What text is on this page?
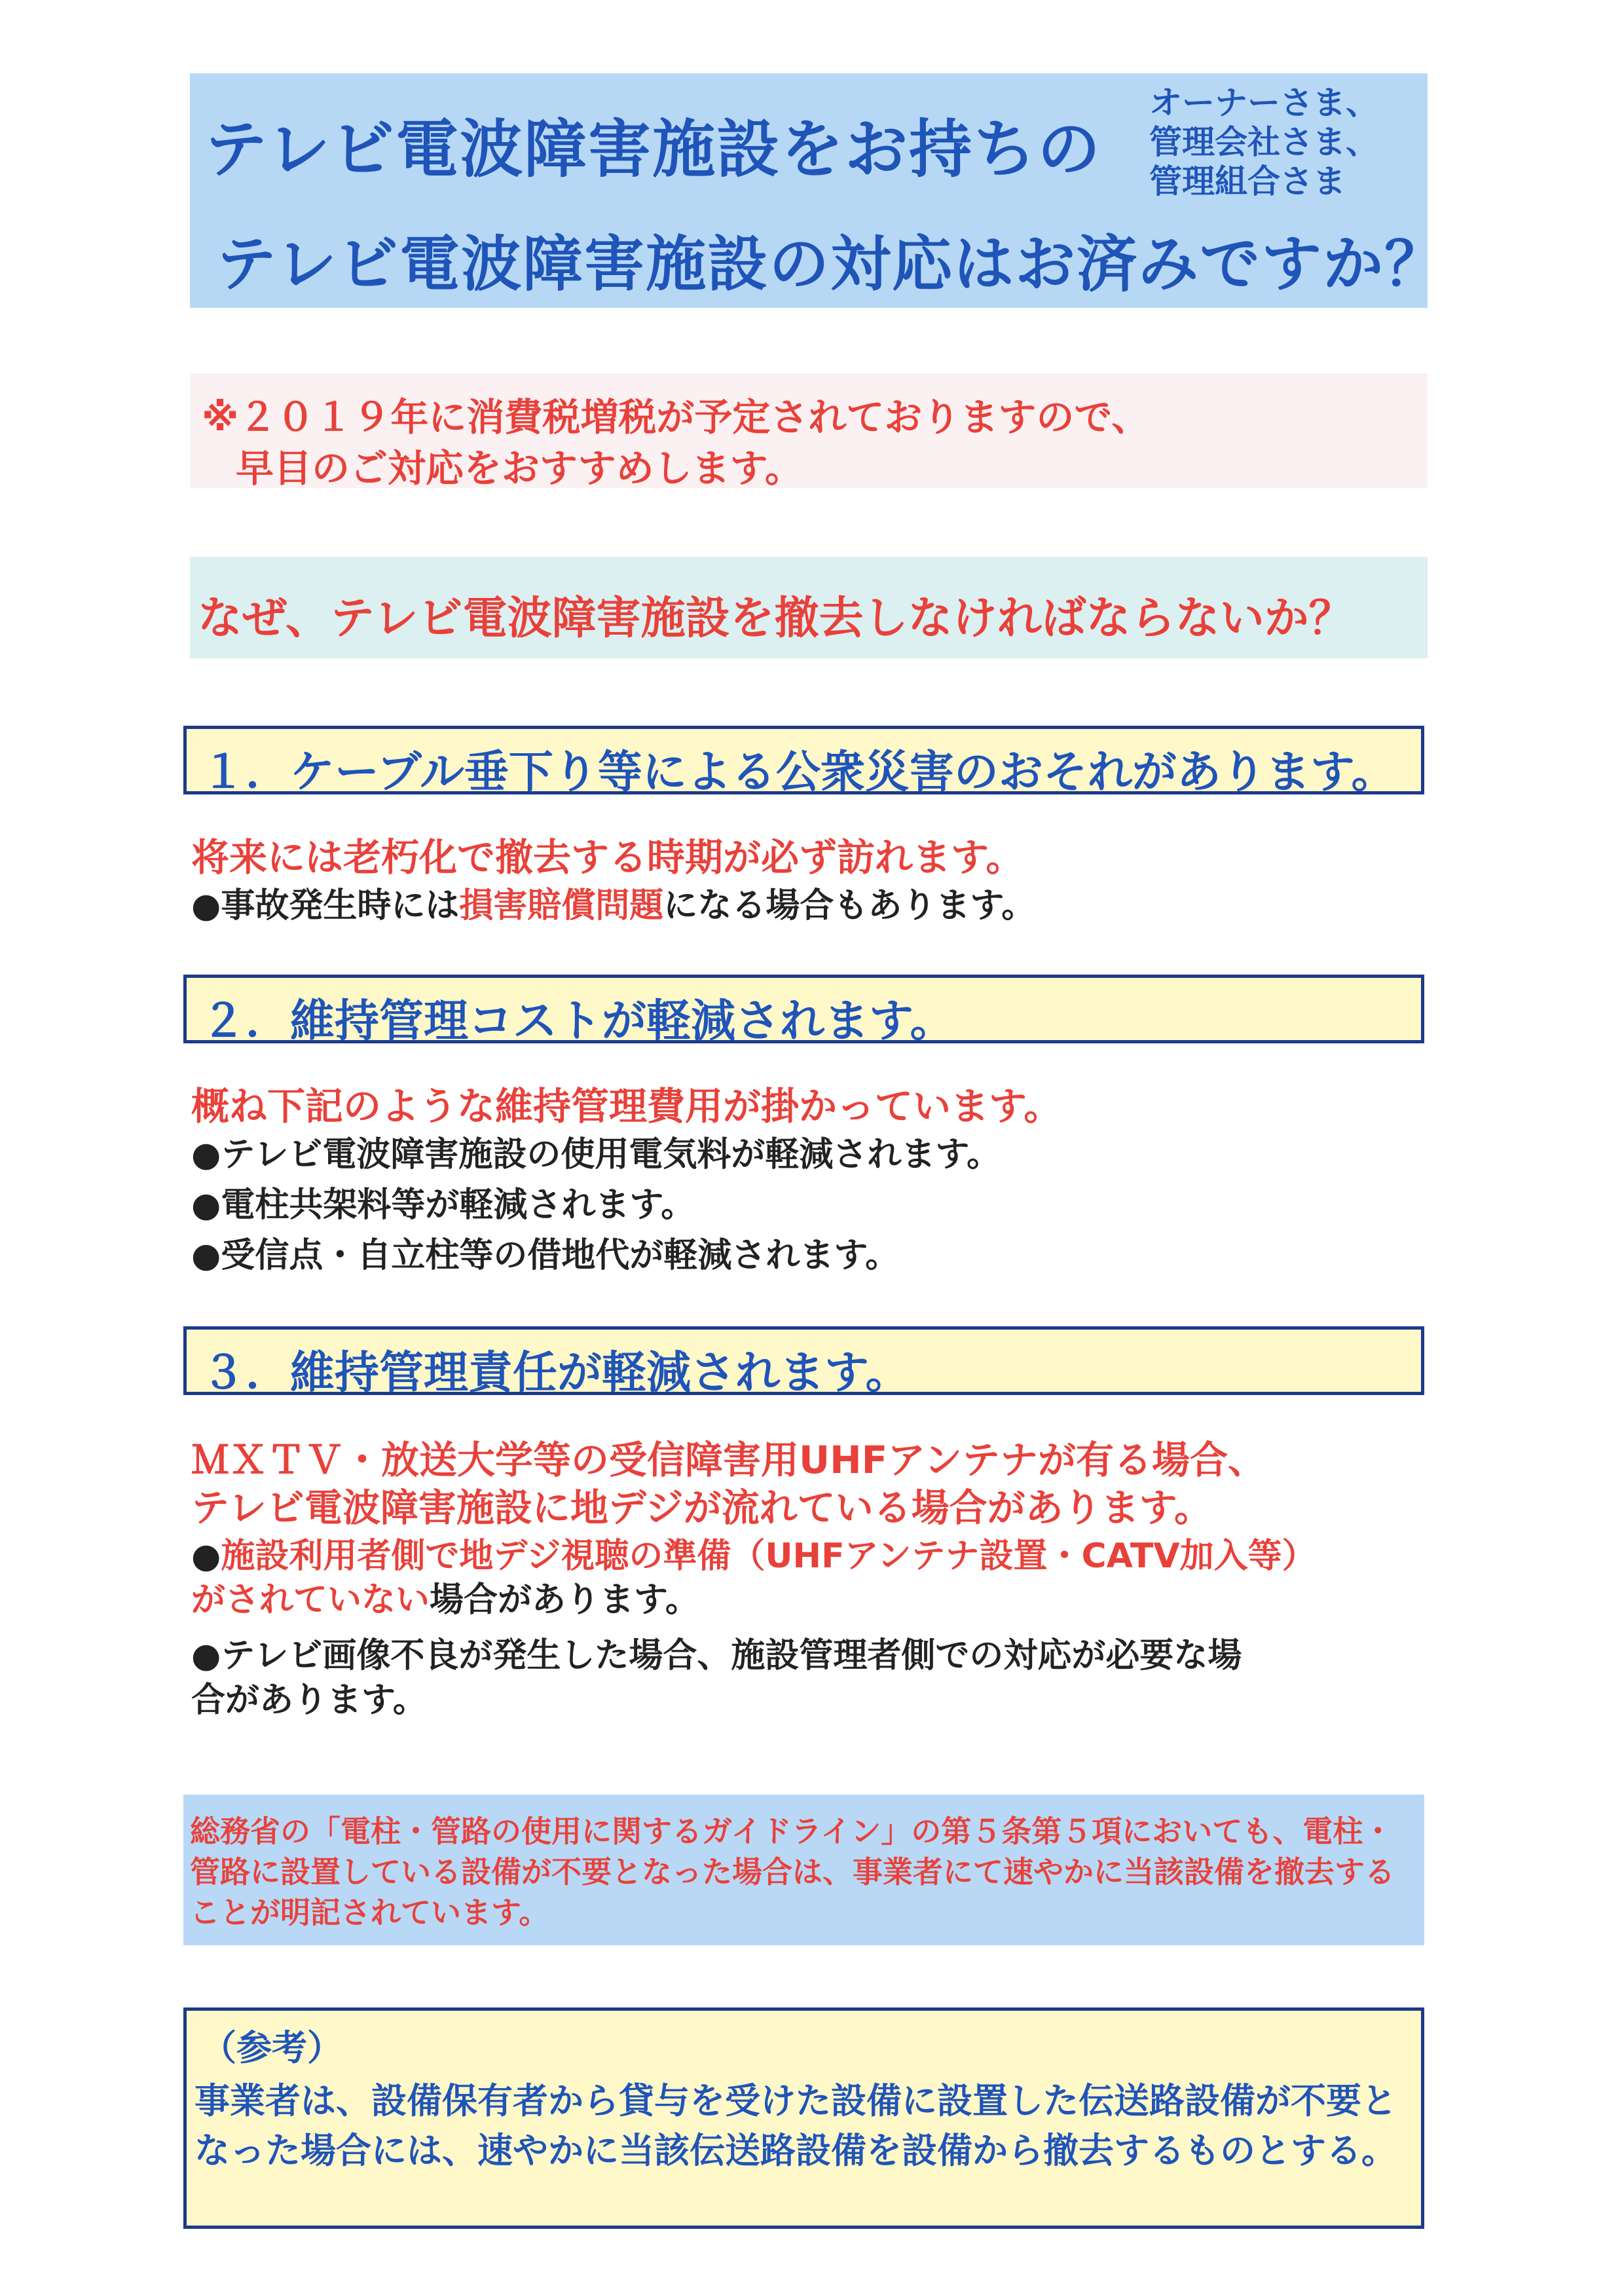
テレビ電波障害施設をお持ちの
オーナーさま、
管理会社さま、
管理組合さま
テレビ電波障害施設の対応はお済みですか？
※２０１９年に消費税増税が予定されておりますので、
早目のご対応をおすすめします。
なぜ、テレビ電波障害施設を撤去しなければならないか？
１．ケーブル垂下り等による公衆災害のおそれがあります。
将来には老朽化で撤去する時期が必ず訪れます。
●事故発生時には損害賠償問題になる場合もあります。
２．維持管理コストが軽減されます。
概ね下記のような維持管理費用が掛かっています。
●テレビ電波障害施設の使用電気料が軽減されます。
●電柱共架料等が軽減されます。
●受信点・自立柱等の借地代が軽減されます。
３．維持管理責任が軽減されます。
ＭＸＴＶ・放送大学等の受信障害用UHFアンテナが有る場合、
テレビ電波障害施設に地デジが流れている場合があります。
●施設利用者側で地デジ視聴の準備（UHFアンテナ設置・CATV加入等）
がされていない場合があります。
●テレビ画像不良が発生した場合、施設管理者側での対応が必要な場
合があります。
総務省の「電柱・管路の使用に関するガイドライン」の第５条第５項においても、電柱・管路に設置している設備が不要となった場合は、事業者にて速やかに当該設備を撤去することが明記されています。
（参考）
事業者は、設備保有者から貸与を受けた設備に設置した伝送路設備が不要となった場合には、速やかに当該伝送路設備を設備から撤去するものとする。
